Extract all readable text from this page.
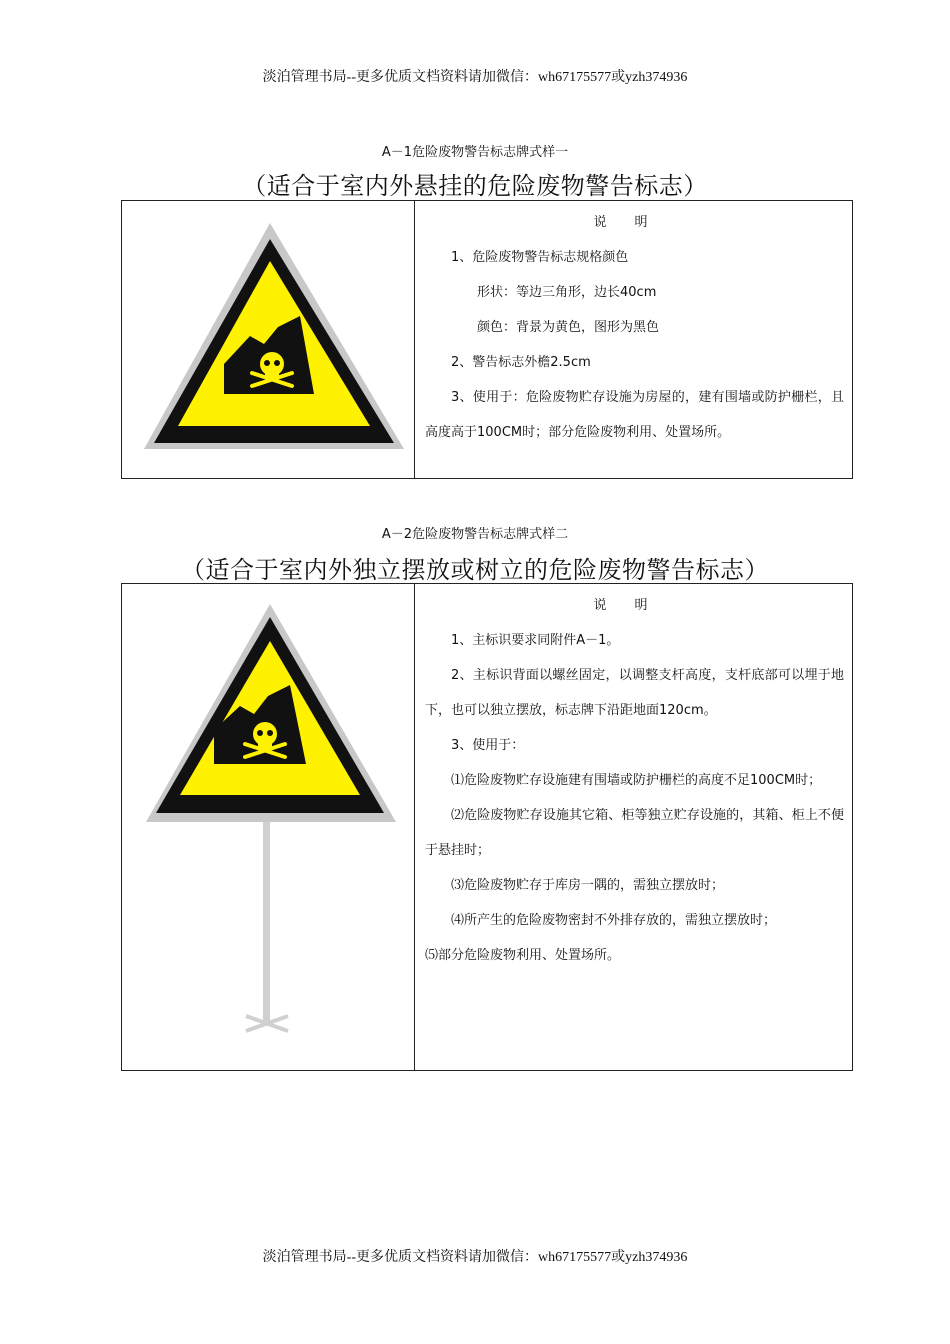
淡泊管理书局--更多优质文档资料请加微信：wh67175577或yzh374936
A－1危险废物警告标志牌式样一
（适合于室内外悬挂的危险废物警告标志）

说明
1、危险废物警告标志规格颜色
形状：等边三角形，边长40cm
颜色：背景为黄色，图形为黑色
2、警告标志外檐2.5cm
3、使用于：危险废物贮存设施为房屋的，建有围墙或防护栅栏，且高度高于100CM时；部分危险废物利用、处置场所。
A－2危险废物警告标志牌式样二
（适合于室内外独立摆放或树立的危险废物警告标志）

说明
1、主标识要求同附件A－1。
2、主标识背面以螺丝固定，以调整支杆高度，支杆底部可以埋于地下，也可以独立摆放，标志牌下沿距地面120cm。
3、使用于：
⑴危险废物贮存设施建有围墙或防护栅栏的高度不足100CM时；
⑵危险废物贮存设施其它箱、柜等独立贮存设施的，其箱、柜上不便于悬挂时；
⑶危险废物贮存于库房一隅的，需独立摆放时；
⑷所产生的危险废物密封不外排存放的，需独立摆放时；
⑸部分危险废物利用、处置场所。
淡泊管理书局--更多优质文档资料请加微信：wh67175577或yzh374936
